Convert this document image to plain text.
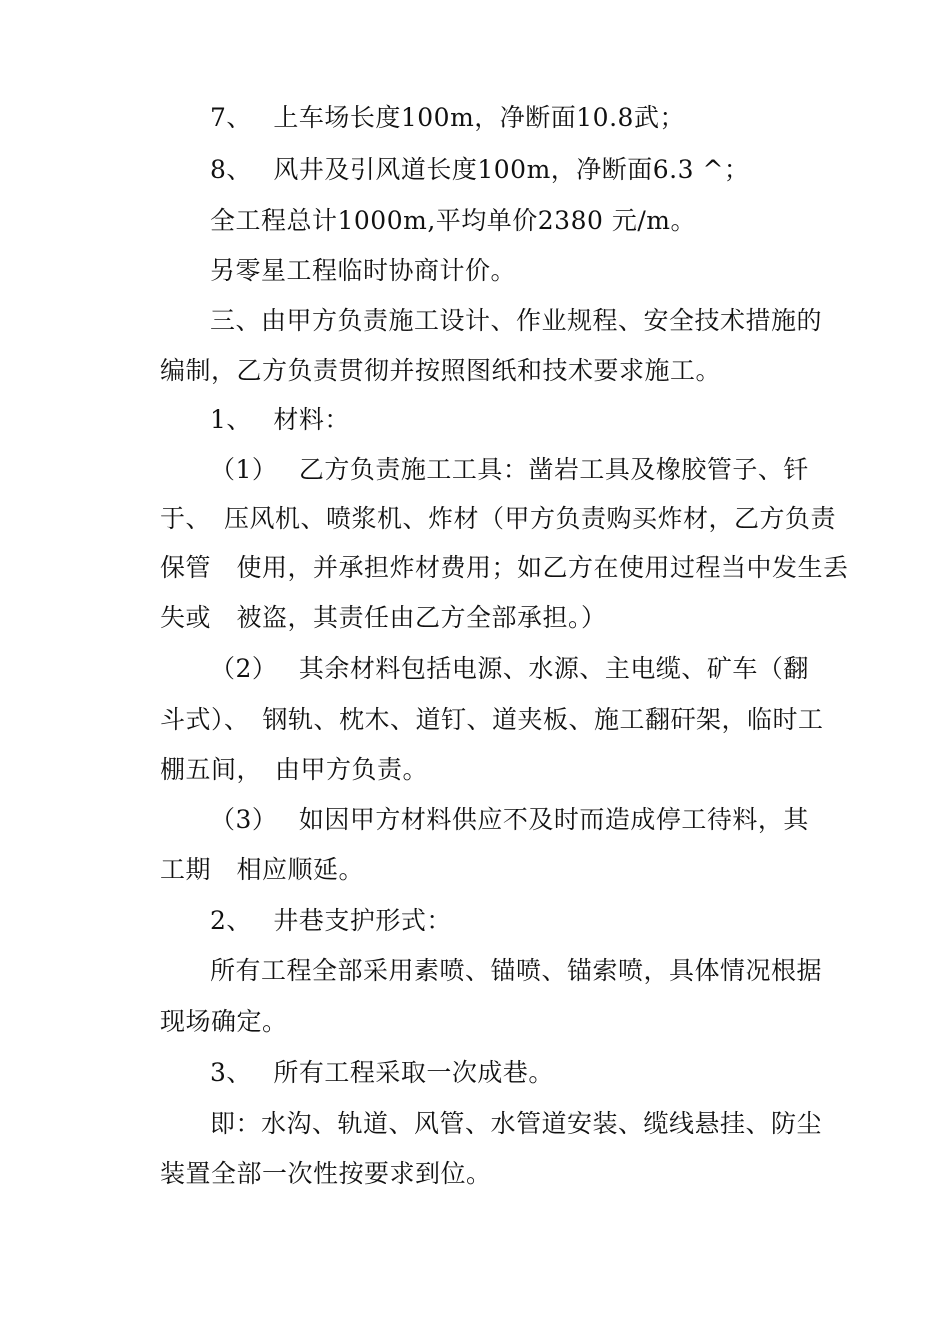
7、　 上车场长度100m，净断面10.8武；
8、　 风井及引风道长度100m，净断面6.3 ^；
全工程总计1000m,平均单价2380 元/m。
另零星工程临时协商计价。
三、由甲方负责施工设计、作业规程、安全技术措施的
编制，乙方负责贯彻并按照图纸和技术要求施工。
1、　 材料：
（1）　 乙方负责施工工具：凿岩工具及橡胶管子、钎
于、　压风机、喷浆机、炸材（甲方负责购买炸材，乙方负责
保管　使用，并承担炸材费用；如乙方在使用过程当中发生丢
失或　被盗，其责任由乙方全部承担。）
（2）　 其余材料包括电源、水源、主电缆、矿车（翻
斗式）、　钢轨、枕木、道钉、道夹板、施工翻矸架，临时工
棚五间，　由甲方负责。
（3）　 如因甲方材料供应不及时而造成停工待料，其
工期　相应顺延。
2、　 井巷支护形式：
所有工程全部采用素喷、锚喷、锚索喷，具体情况根据
现场确定。
3、　 所有工程采取一次成巷。
即：水沟、轨道、风管、水管道安装、缆线悬挂、防尘
装置全部一次性按要求到位。
